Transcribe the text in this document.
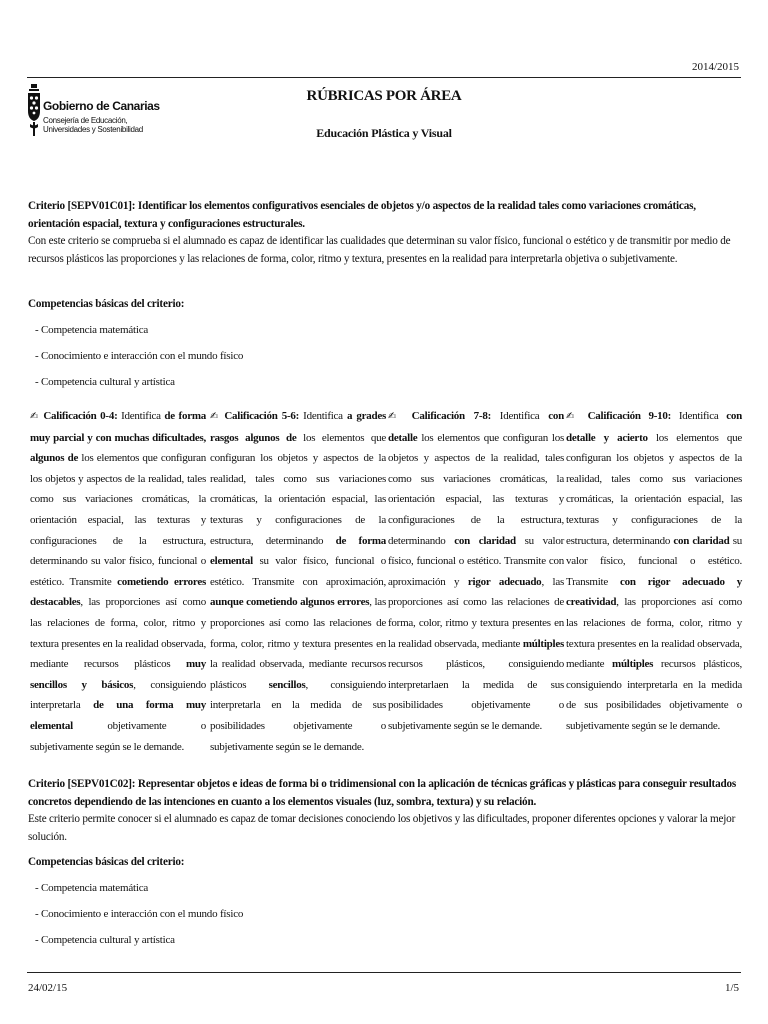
2014/2015
Gobierno de Canarias
Consejería de Educación,
Universidades y Sostenibilidad
RÚBRICAS POR ÁREA
Educación Plástica y Visual
Criterio [SEPV01C01]: Identificar los elementos configurativos esenciales de objetos y/o aspectos de la realidad tales como variaciones cromáticas, orientación espacial, textura y configuraciones estructurales.
Con este criterio se comprueba si el alumnado es capaz de identificar las cualidades que determinan su valor físico, funcional o estético y de transmitir por medio de recursos plásticos las proporciones y las relaciones de forma, color, ritmo y textura, presentes en la realidad para interpretarla objetiva o subjetivamente.
Competencias básicas del criterio:
- Competencia matemática
- Conocimiento e interacción con el mundo físico
- Competencia cultural y artística
✍ Calificación 0-4: Identifica de forma muy parcial y con muchas dificultades, algunos de los elementos que configuran los objetos y aspectos de la realidad, tales como sus variaciones cromáticas, la orientación espacial, las texturas y configuraciones de la estructura, determinando su valor físico, funcional o estético. Transmite cometiendo errores destacables, las proporciones así como las relaciones de forma, color, ritmo y textura presentes en la realidad observada, mediante recursos plásticos muy sencillos y básicos, consiguiendo interpretarla de una forma muy elemental objetivamente o subjetivamente según se le demande.
✍ Calificación 5-6: Identifica a grades rasgos algunos de los elementos que configuran los objetos y aspectos de la realidad, tales como sus variaciones cromáticas, la orientación espacial, las texturas y configuraciones de la estructura, determinando de forma elemental su valor físico, funcional o estético. Transmite con aproximación, aunque cometiendo algunos errores, las proporciones así como las relaciones de forma, color, ritmo y textura presentes en la realidad observada, mediante recursos plásticos sencillos, consiguiendo interpretarla en la medida de sus posibilidades objetivamente o subjetivamente según se le demande.
✍ Calificación 7-8: Identifica con detalle los elementos que configuran los objetos y aspectos de la realidad, tales como sus variaciones cromáticas, la orientación espacial, las texturas y configuraciones de la estructura, determinando con claridad su valor físico, funcional o estético. Transmite con aproximación y rigor adecuado, las proporciones así como las relaciones de forma, color, ritmo y textura presentes en la realidad observada, mediante múltiples recursos plásticos, consiguiendo interpretarlaen la medida de sus posibilidades objetivamente o subjetivamente según se le demande.
✍ Calificación 9-10: Identifica con detalle y acierto los elementos que configuran los objetos y aspectos de la realidad, tales como sus variaciones cromáticas, la orientación espacial, las texturas y configuraciones de la estructura, determinando con claridad su valor físico, funcional o estético. Transmite con rigor adecuado y creatividad, las proporciones así como las relaciones de forma, color, ritmo y textura presentes en la realidad observada, mediante múltiples recursos plásticos, consiguiendo interpretarla en la medida de sus posibilidades objetivamente o subjetivamente según se le demande.
Criterio [SEPV01C02]: Representar objetos e ideas de forma bi o tridimensional con la aplicación de técnicas gráficas y plásticas para conseguir resultados concretos dependiendo de las intenciones en cuanto a los elementos visuales (luz, sombra, textura) y su relación.
Este criterio permite conocer si el alumnado es capaz de tomar decisiones conociendo los objetivos y las dificultades, proponer diferentes opciones y valorar la mejor solución.
Competencias básicas del criterio:
- Competencia matemática
- Conocimiento e interacción con el mundo físico
- Competencia cultural y artística
24/02/15	1/5
